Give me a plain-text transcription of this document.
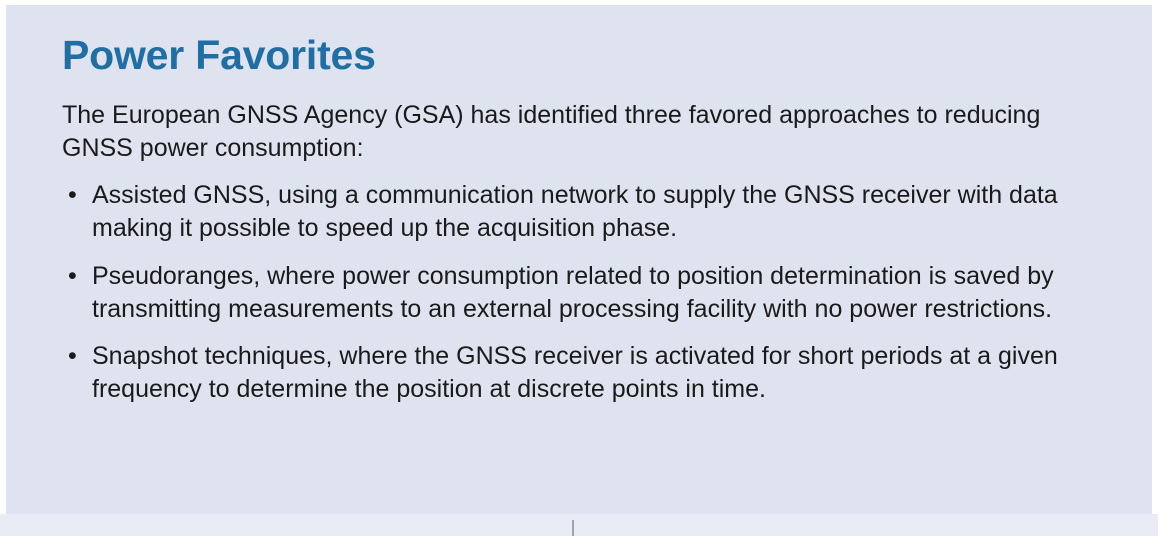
Power Favorites

The European GNSS Agency (GSA) has identified three favored approaches to reducing GNSS power consumption:

• Assisted GNSS, using a communication network to supply the GNSS receiver with data making it possible to speed up the acquisition phase.
• Pseudoranges, where power consumption related to position determination is saved by transmitting measurements to an external processing facility with no power restrictions.
• Snapshot techniques, where the GNSS receiver is activated for short periods at a given frequency to determine the position at discrete points in time.
